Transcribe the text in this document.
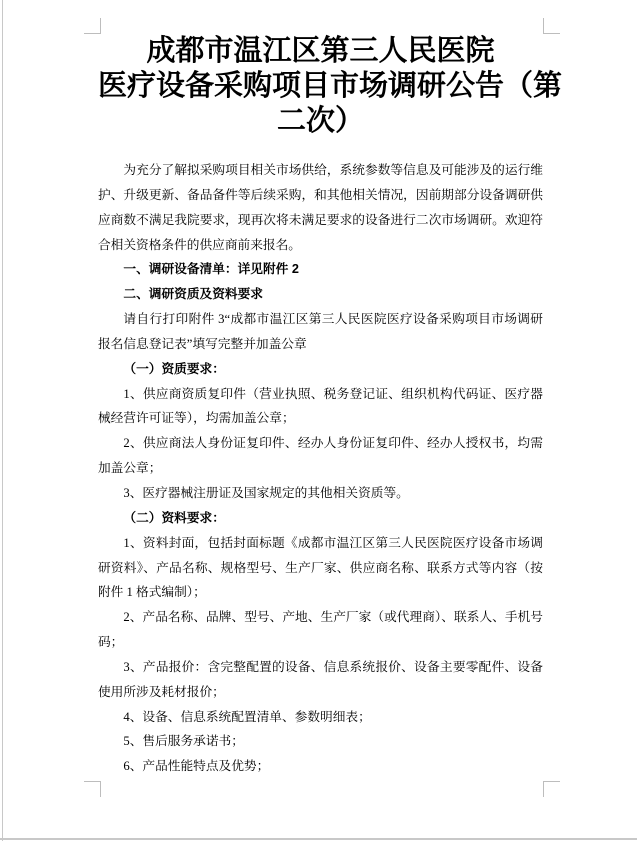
成都市温江区第三人民医院
医疗设备采购项目市场调研公告（第
二次）

为充分了解拟采购项目相关市场供给，系统参数等信息及可能涉及的运行维护、升级更新、备品备件等后续采购，和其他相关情况，因前期部分设备调研供应商数不满足我院要求，现再次将未满足要求的设备进行二次市场调研。欢迎符合相关资格条件的供应商前来报名。

一、调研设备清单：详见附件 2

二、调研资质及资料要求

请自行打印附件 3“成都市温江区第三人民医院医疗设备采购项目市场调研报名信息登记表”填写完整并加盖公章

（一）资质要求：

1、供应商资质复印件（营业执照、税务登记证、组织机构代码证、医疗器械经营许可证等），均需加盖公章；

2、供应商法人身份证复印件、经办人身份证复印件、经办人授权书，均需加盖公章；

3、医疗器械注册证及国家规定的其他相关资质等。

（二）资料要求：

1、资料封面，包括封面标题《成都市温江区第三人民医院医疗设备市场调研资料》、产品名称、规格型号、生产厂家、供应商名称、联系方式等内容（按附件 1 格式编制）；

2、产品名称、品牌、型号、产地、生产厂家（或代理商）、联系人、手机号码；

3、产品报价：含完整配置的设备、信息系统报价、设备主要零配件、设备使用所涉及耗材报价；

4、设备、信息系统配置清单、参数明细表；

5、售后服务承诺书；

6、产品性能特点及优势；
